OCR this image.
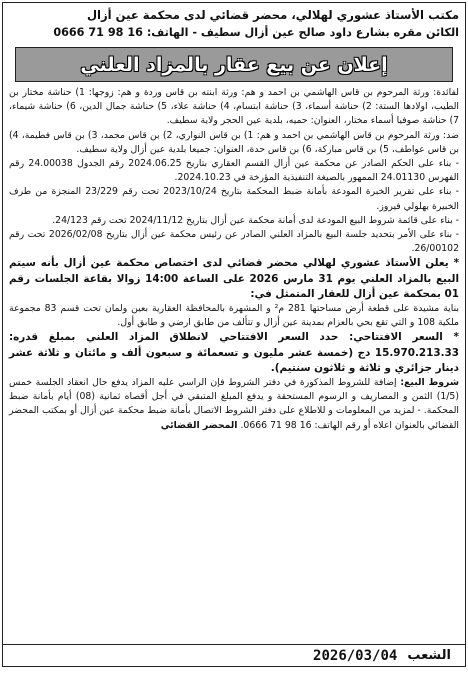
مكتب الأستاذ عشوري لهلالي، محضر قضائي لدى محكمة عين أزال
الكائن مقره بشارع داود صالح عين أزال سطيف - الهاتف: 16 98 71 0666
إعلان عن بيع عقار بالمزاد العلني

لفائدة: ورثة المرحوم بن قاس الهاشمي بن احمد و هم: ورثة ابنته بن قاس وردة و هم: زوجها: 1) حناشة مختار بن الطيب، اولادها الستة: 2) حناشة أسماء، 3) حناشة ابتسام، 4) حناشة علاء، 5) حناشة جمال الدين، 6) حناشة شيماء، 7) حناشة صوفيا أسماء مختار، العنوان: حميه، بلدية عين الحجر ولاية سطيف.

ضد: ورثة المرحوم بن قاس الهاشمي بن احمد و هم: 1) بن قاس النواري، 2) بن قاس محمد، 3) بن قاس فطيمة، 4) بن قاس عواطف، 5) بن قاس مباركة، 6) بن قاس حدة، العنوان: جميعا بلدية عين أزال ولاية سطيف.

- بناء على الحكم الصادر عن محكمة عين أزال القسم العقاري بتاريخ 2024.06.25 رقم الجدول 24.00038 رقم الفهرس 24.01130 الممهور بالصيغة التنفيذية المؤرخة في 2024.10.23.

- بناء على تقرير الخبرة المودعة بأمانة ضبط المحكمة بتاريخ 2023/10/24 تحت رقم 23/229 المنجزة من طرف الخبيرة بهلولي فيروز.

- بناء على قائمة شروط البيع المودعة لدى أمانة محكمة عين أزال بتاريخ 2024/11/12 تحت رقم 24/123.

- بناء على الأمر بتحديد جلسة البيع بالمزاد العلني الصادر عن رئيس محكمة عين أزال بتاريخ 2026/02/08 تحت رقم 26/00102.

* يعلن الأستاذ عشوري لهلالي محضر قضائي لدى اختصاص محكمة عين أزال بأنه سيتم البيع بالمزاد العلني يوم 31 مارس 2026 على الساعة 14:00 زوالا بقاعة الجلسات رقم 01 بمحكمة عين أزال للعقار المتمثل في:

بناية مشيدة على قطعة أرض مساحتها 281 م² و المشهرة بالمحافظة العقارية بعين ولمان تحت قسم 83 مجموعة ملكية 108 و التي تقع بحي بالعزام بمدينة عين أزال و تتألف من طابق ارضي و طابق أول.

* السعر الافتتاحي: حدد السعر الافتتاحي لانطلاق المزاد العلني بمبلغ قدره: 15.970.213.33 دج (خمسة عشر مليون و تسعمائة و سبعون ألف و مائتان و ثلاثة عشر دينار جزائري و ثلاثة و ثلاثون سنتيم).

شروط البيع: إضافة للشروط المذكورة في دفتر الشروط فإن الراسي عليه المزاد يدفع حال انعقاد الجلسة خمس (1/5) الثمن و المصاريف و الرسوم المستحقة و يدفع المبلغ المتبقي في أجل أقصاه ثمانية (08) أيام بأمانة ضبط المحكمة. - لمزيد من المعلومات و للاطلاع على دفتر الشروط الاتصال بأمانة ضبط محكمة عين أزال أو بمكتب المحضر القضائي بالعنوان اعلاه أو رقم الهاتف: 16 98 71 0666. المحضر القضائي

2026/03/04 الشعب
